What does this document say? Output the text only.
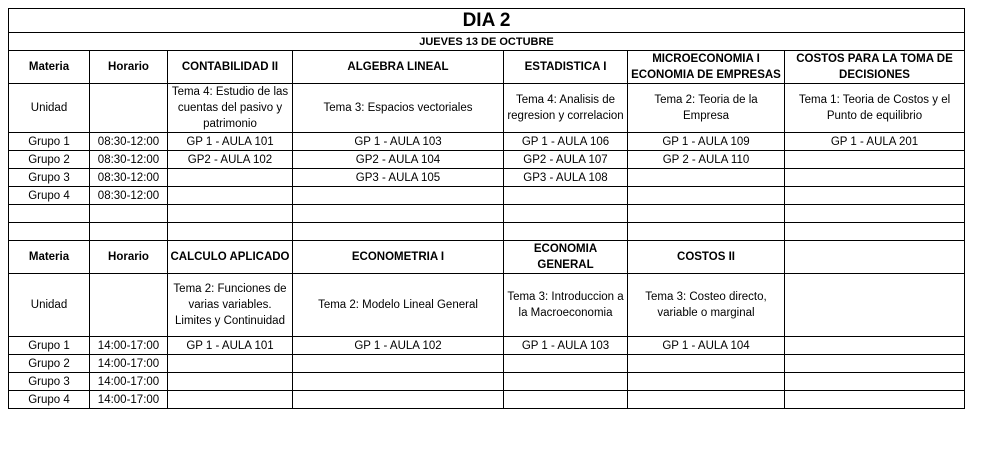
DIA 2						
JUEVES 13 DE OCTUBRE						
Materia	Horario	CONTABILIDAD II	ALGEBRA LINEAL	ESTADISTICA I	MICROECONOMIA I ECONOMIA DE EMPRESAS	COSTOS PARA LA TOMA DE DECISIONES
Unidad		Tema 4: Estudio de las cuentas del pasivo y patrimonio	Tema 3: Espacios vectoriales	Tema 4: Analisis de regresion y correlacion	Tema 2: Teoria de la Empresa	Tema 1: Teoria de Costos y el Punto de equilibrio
Grupo 1	08:30-12:00	GP 1 - AULA 101	GP 1 - AULA 103	GP 1 - AULA 106	GP 1 - AULA 109	GP 1 - AULA 201
Grupo 2	08:30-12:00	GP2 - AULA 102	GP2 - AULA 104	GP2 - AULA 107	GP 2 - AULA 110	
Grupo 3	08:30-12:00		GP3 - AULA 105	GP3 - AULA 108		
Grupo 4	08:30-12:00					

Materia	Horario	CALCULO APLICADO	ECONOMETRIA I	ECONOMIA GENERAL	COSTOS II	
Unidad		Tema 2: Funciones de varias variables. Limites y Continuidad	Tema 2: Modelo Lineal General	Tema 3: Introduccion a la Macroeconomia	Tema 3: Costeo directo, variable o marginal	
Grupo 1	14:00-17:00	GP 1 - AULA 101	GP 1 - AULA 102	GP 1 - AULA 103	GP 1 - AULA 104	
Grupo 2	14:00-17:00					
Grupo 3	14:00-17:00					
Grupo 4	14:00-17:00					
